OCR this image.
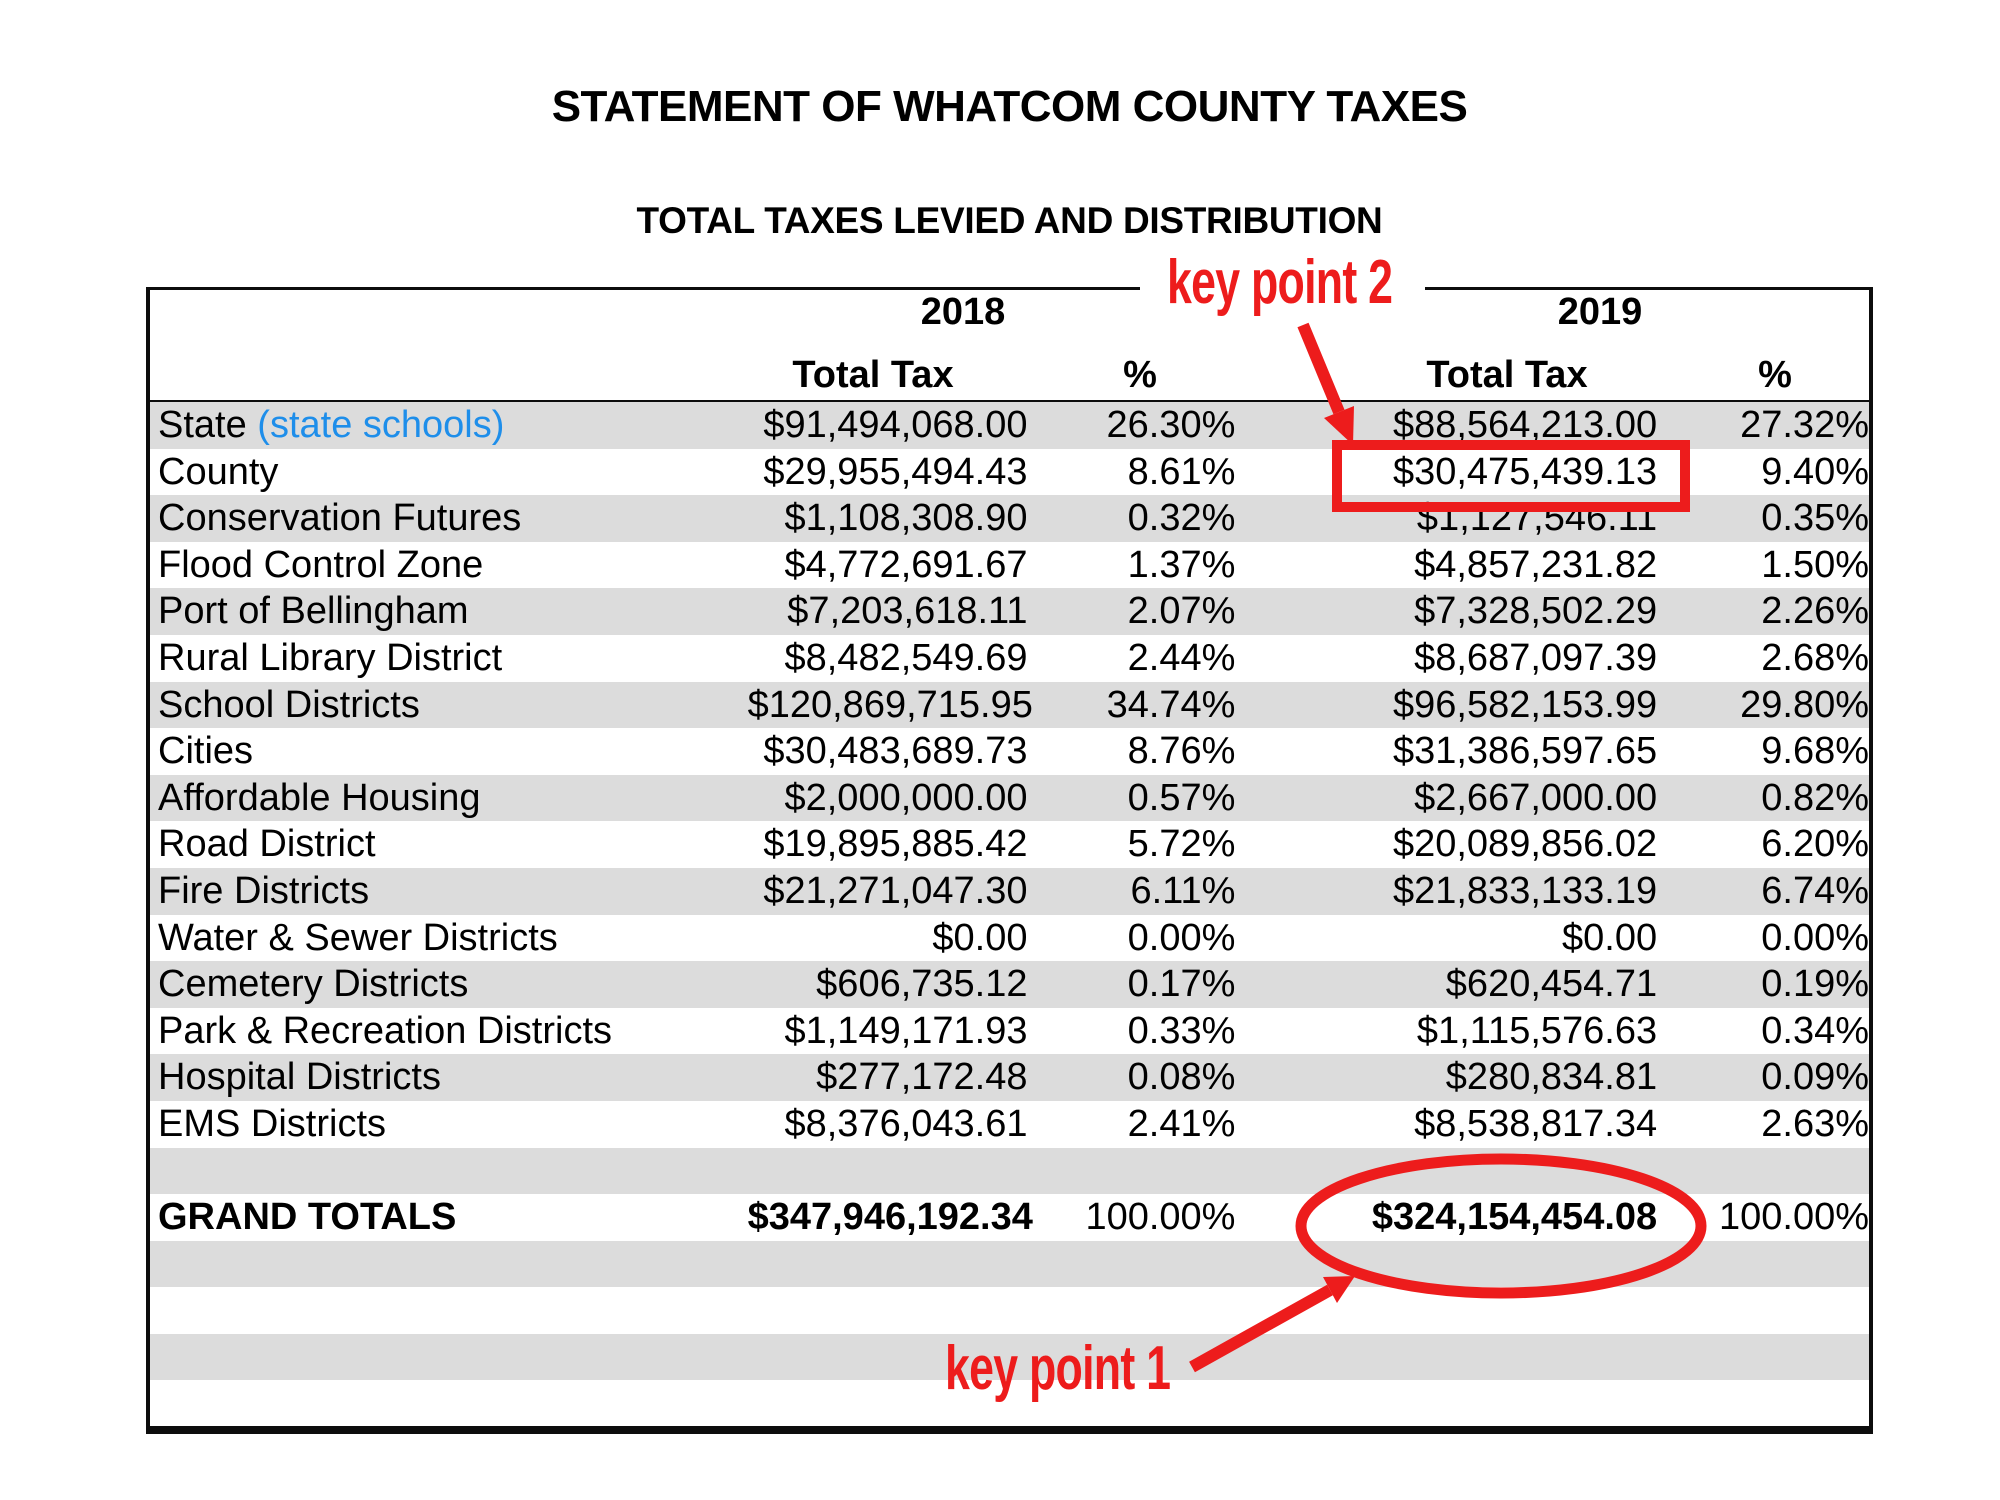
STATEMENT OF WHATCOM COUNTY TAXES
TOTAL TAXES LEVIED AND DISTRIBUTION
2018	2019
Total Tax	%	Total Tax	%
State (state schools)	$91,494,068.00	26.30%	$88,564,213.00	27.32%
County	$29,955,494.43	8.61%	$30,475,439.13	9.40%
Conservation Futures	$1,108,308.90	0.32%	$1,127,546.11	0.35%
Flood Control Zone	$4,772,691.67	1.37%	$4,857,231.82	1.50%
Port of Bellingham	$7,203,618.11	2.07%	$7,328,502.29	2.26%
Rural Library District	$8,482,549.69	2.44%	$8,687,097.39	2.68%
School Districts	$120,869,715.95	34.74%	$96,582,153.99	29.80%
Cities	$30,483,689.73	8.76%	$31,386,597.65	9.68%
Affordable Housing	$2,000,000.00	0.57%	$2,667,000.00	0.82%
Road District	$19,895,885.42	5.72%	$20,089,856.02	6.20%
Fire Districts	$21,271,047.30	6.11%	$21,833,133.19	6.74%
Water & Sewer Districts	$0.00	0.00%	$0.00	0.00%
Cemetery Districts	$606,735.12	0.17%	$620,454.71	0.19%
Park & Recreation Districts	$1,149,171.93	0.33%	$1,115,576.63	0.34%
Hospital Districts	$277,172.48	0.08%	$280,834.81	0.09%
EMS Districts	$8,376,043.61	2.41%	$8,538,817.34	2.63%
GRAND TOTALS	$347,946,192.34	100.00%	$324,154,454.08	100.00%
key point 2
key point 1
